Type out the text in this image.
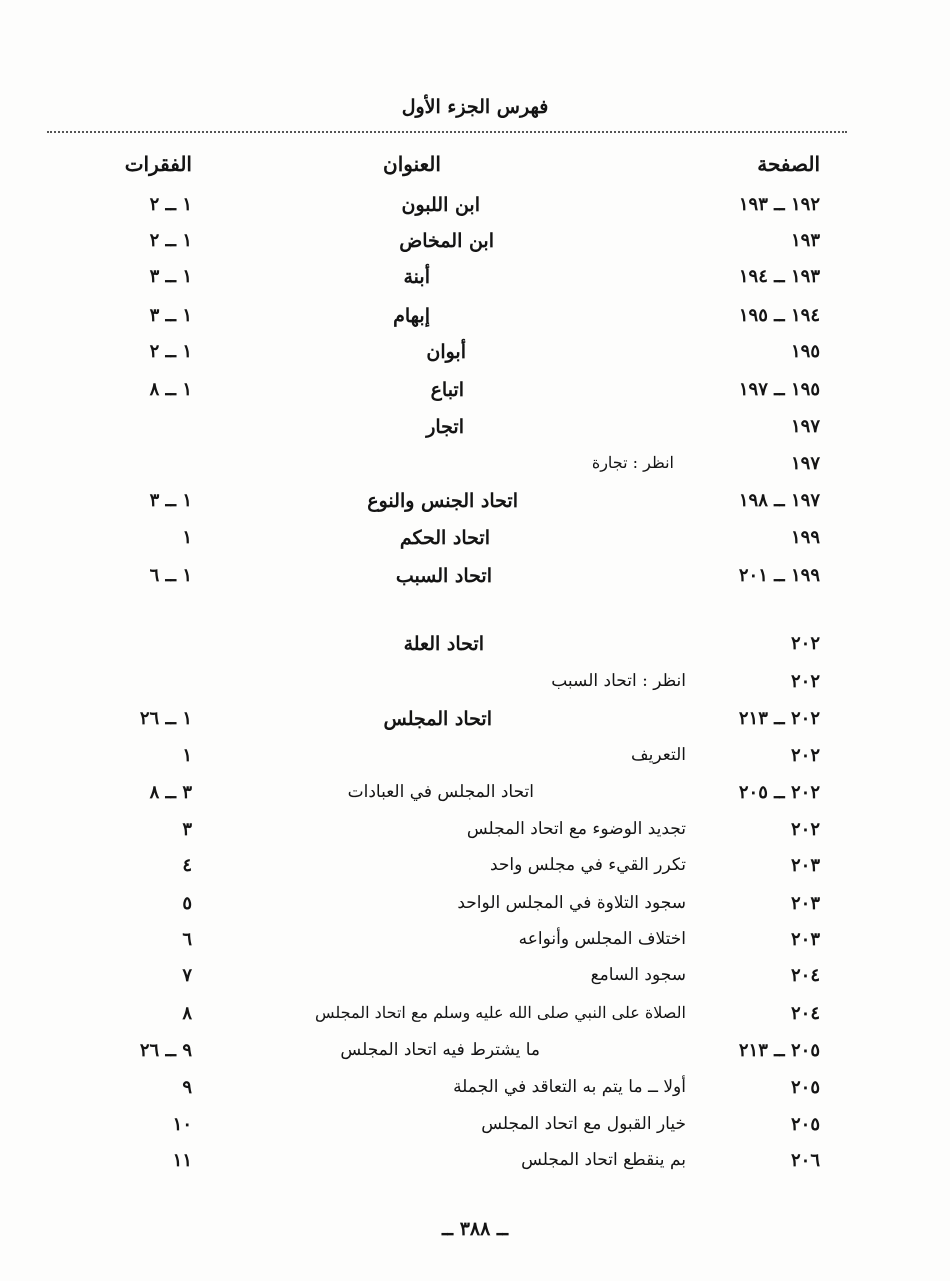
فهرس الجزء الأول
الصفحة
العنوان
الفقرات
١٩٢ ــ ١٩٣
ابن اللبون
١ ــ ٢
١٩٣
ابن المخاض
١ ــ ٢
١٩٣ ــ ١٩٤
أبنة
١ ــ ٣
١٩٤ ــ ١٩٥
إبهام
١ ــ ٣
١٩٥
أبوان
١ ــ ٢
١٩٥ ــ ١٩٧
اتباع
١ ــ ٨
١٩٧
اتجار
١٩٧
انظر : تجارة
١٩٧ ــ ١٩٨
اتحاد الجنس والنوع
١ ــ ٣
١٩٩
اتحاد الحكم
١
١٩٩ ــ ٢٠١
اتحاد السبب
١ ــ ٦
٢٠٢
اتحاد العلة
٢٠٢
انظر : اتحاد السبب
٢٠٢ ــ ٢١٣
اتحاد المجلس
١ ــ ٢٦
٢٠٢
التعريف
١
٢٠٢ ــ ٢٠٥
اتحاد المجلس في العبادات
٣ ــ ٨
٢٠٢
تجديد الوضوء مع اتحاد المجلس
٣
٢٠٣
تكرر القيء في مجلس واحد
٤
٢٠٣
سجود التلاوة في المجلس الواحد
٥
٢٠٣
اختلاف المجلس وأنواعه
٦
٢٠٤
سجود السامع
٧
٢٠٤
الصلاة على النبي صلى الله عليه وسلم مع اتحاد المجلس
٨
٢٠٥ ــ ٢١٣
ما يشترط فيه اتحاد المجلس
٩ ــ ٢٦
٢٠٥
أولا ــ ما يتم به التعاقد في الجملة
٩
٢٠٥
خيار القبول مع اتحاد المجلس
١٠
٢٠٦
بم ينقطع اتحاد المجلس
١١
ــ ٣٨٨ ــ
